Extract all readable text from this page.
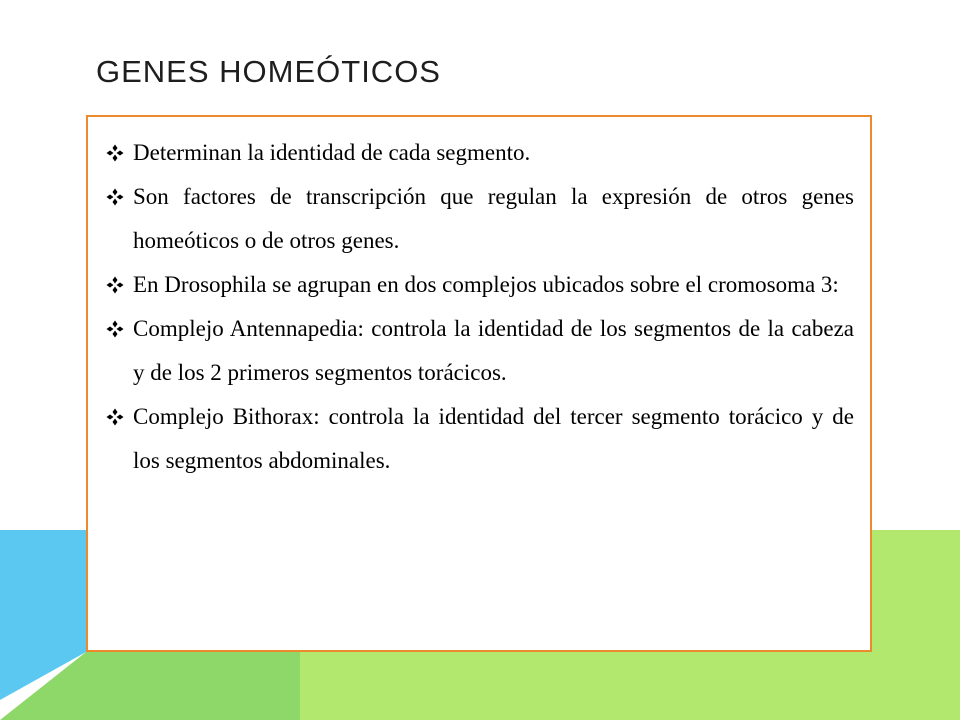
GENES HOMEÓTICOS
Determinan la identidad de cada segmento.
Son factores de transcripción que regulan la expresión de otros genes homeóticos o de otros genes.
En Drosophila se agrupan en dos complejos ubicados sobre el cromosoma 3:
Complejo Antennapedia: controla la identidad de los segmentos de la cabeza y de los 2 primeros segmentos torácicos.
Complejo Bithorax: controla la identidad del tercer segmento torácico y de los segmentos abdominales.
